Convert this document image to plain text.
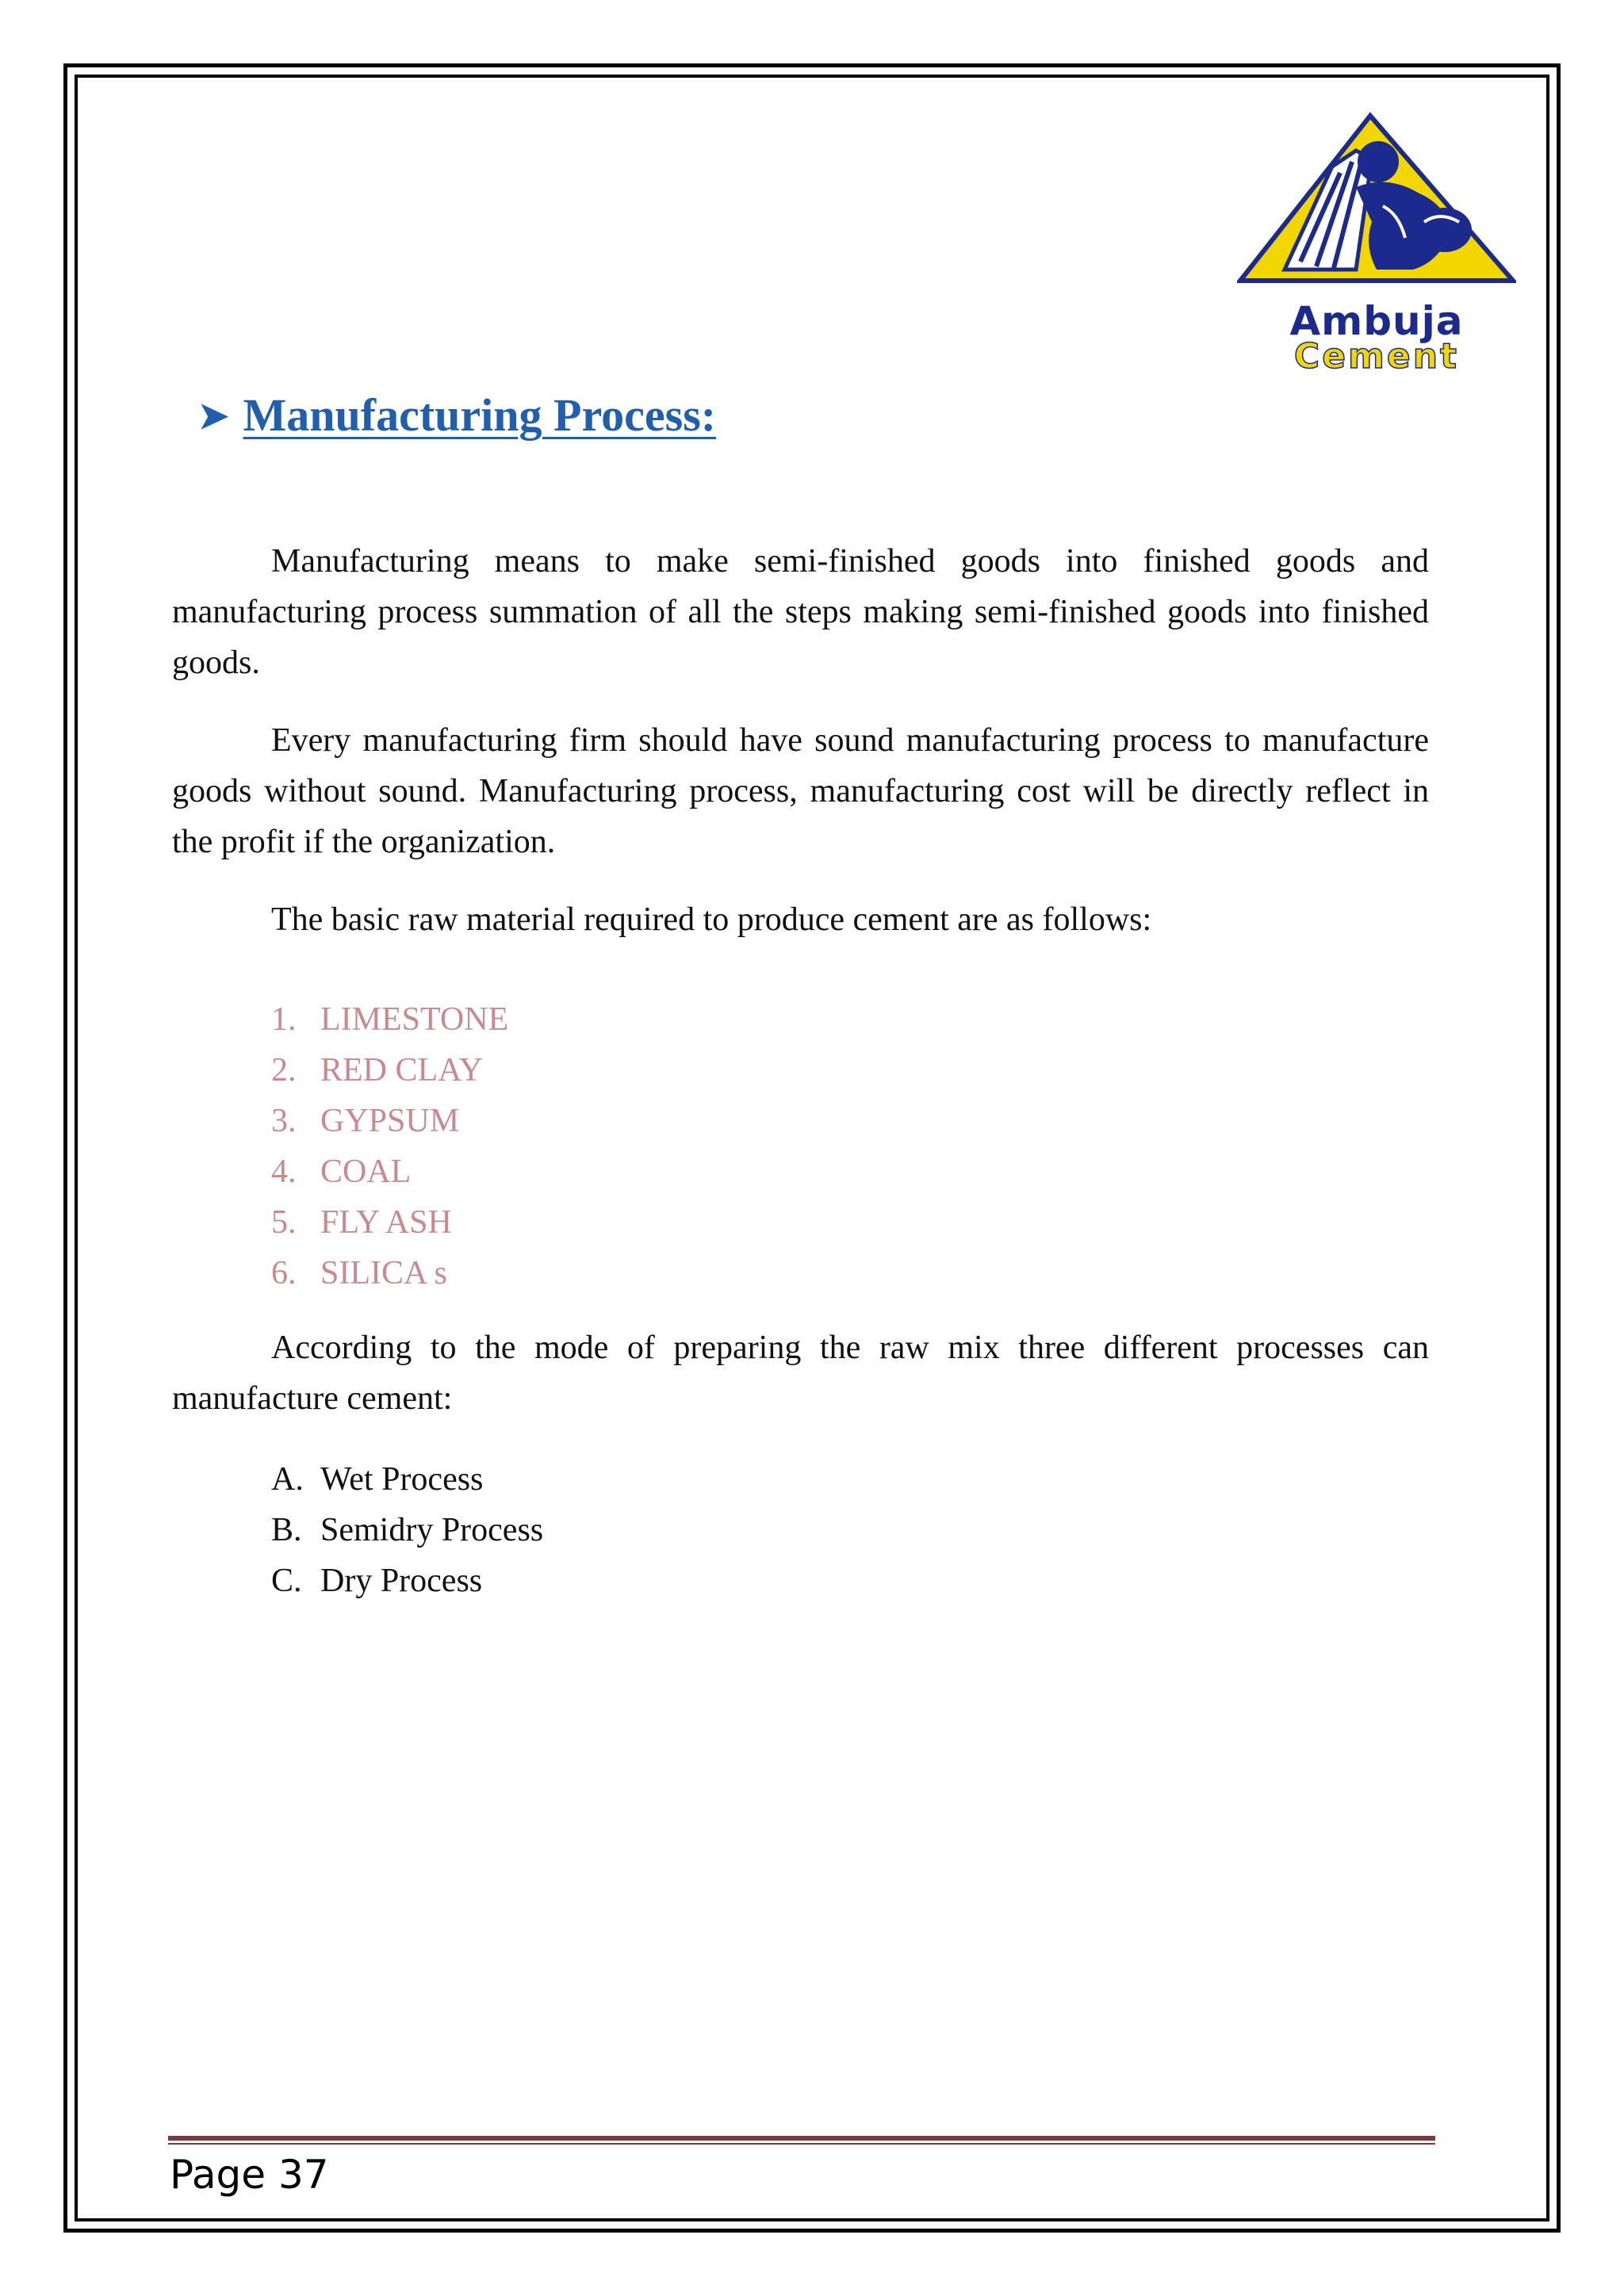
Ambuja
Cement
➤ Manufacturing Process:

Manufacturing means to make semi-finished goods into finished goods and manufacturing process summation of all the steps making semi-finished goods into finished goods.

Every manufacturing firm should have sound manufacturing process to manufacture goods without sound. Manufacturing process, manufacturing cost will be directly reflect in the profit if the organization.

The basic raw material required to produce cement are as follows:

1. LIMESTONE
2. RED CLAY
3. GYPSUM
4. COAL
5. FLY ASH
6. SILICA s

According to the mode of preparing the raw mix three different processes can manufacture cement:

A. Wet Process
B. Semidry Process
C. Dry Process
Page 37
